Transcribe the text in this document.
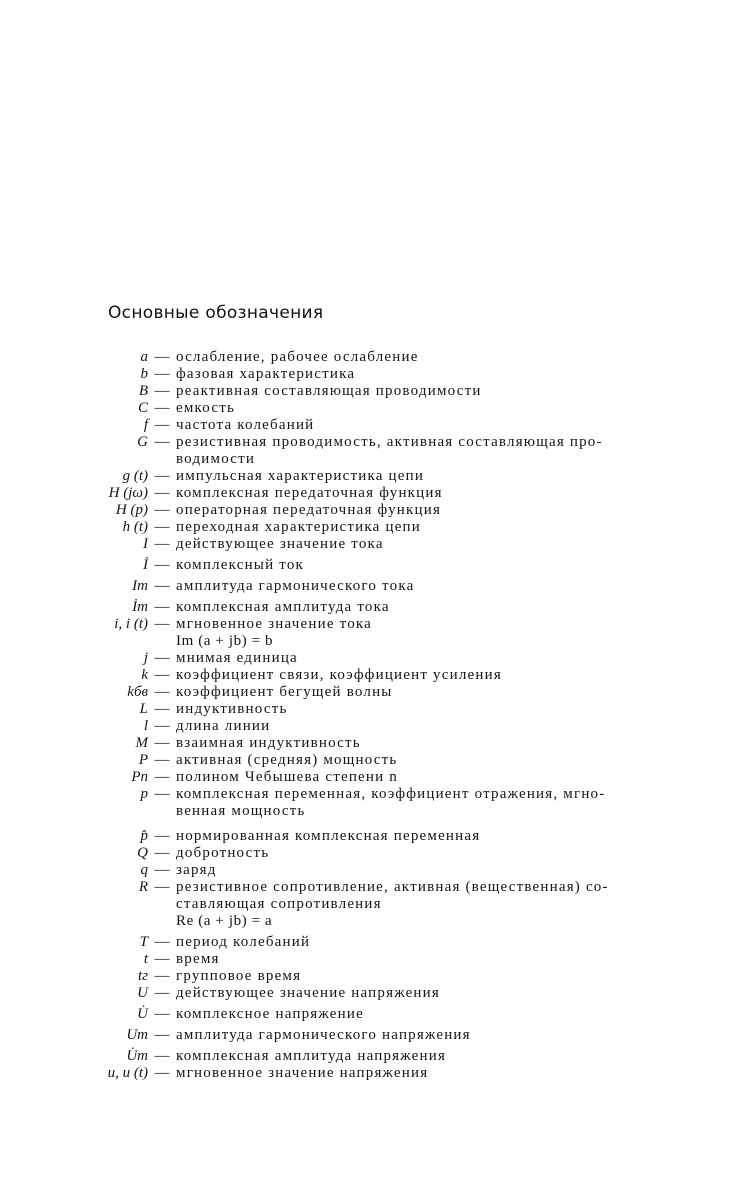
Основные обозначения
a — ослабление, рабочее ослабление
b — фазовая характеристика
B — реактивная составляющая проводимости
C — емкость
f — частота колебаний
G — резистивная проводимость, активная составляющая про-
водимости
g (t) — импульсная характеристика цепи
H (jω) — комплексная передаточная функция
H (p) — операторная передаточная функция
h (t) — переходная характеристика цепи
I — действующее значение тока
İ — комплексный ток
Im — амплитуда гармонического тока
İm — комплексная амплитуда тока
i, i (t) — мгновенное значение тока
Im (a + jb) = b
j — мнимая единица
k — коэффициент связи, коэффициент усиления
kбв — коэффициент бегущей волны
L — индуктивность
l — длина линии
M — взаимная индуктивность
P — активная (средняя) мощность
Pn — полином Чебышева степени n
p — комплексная переменная, коэффициент отражения, мгно-
венная мощность
p̂ — нормированная комплексная переменная
Q — добротность
q — заряд
R — резистивное сопротивление, активная (вещественная) со-
ставляющая сопротивления
Re (a + jb) = a
T — период колебаний
t — время
tг — групповое время
U — действующее значение напряжения
U̇ — комплексное напряжение
Um — амплитуда гармонического напряжения
U̇m — комплексная амплитуда напряжения
u, u (t) — мгновенное значение напряжения
